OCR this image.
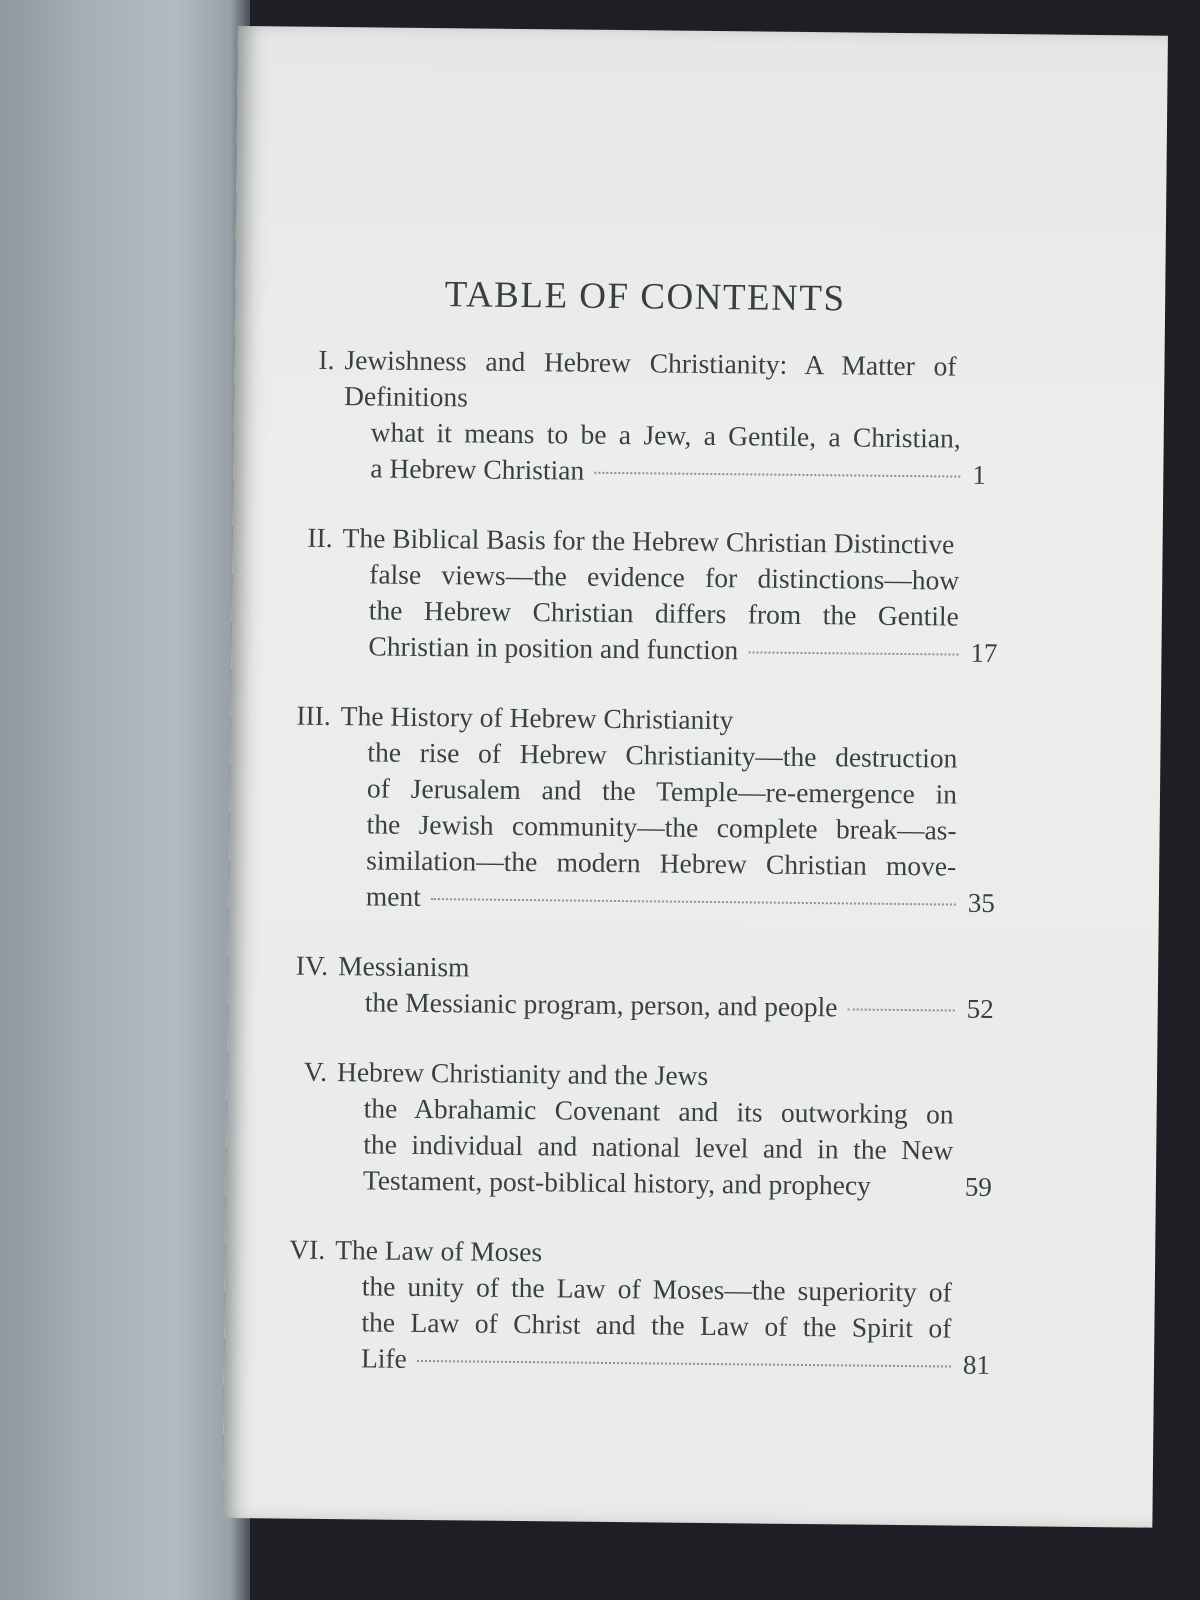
TABLE OF CONTENTS
I. Jewishness and Hebrew Christianity: A Matter of Definitions
what it means to be a Jew, a Gentile, a Christian,
a Hebrew Christian	1
II. The Biblical Basis for the Hebrew Christian Distinctive
false views—the evidence for distinctions—how
the Hebrew Christian differs from the Gentile
Christian in position and function	17
III. The History of Hebrew Christianity
the rise of Hebrew Christianity—the destruction
of Jerusalem and the Temple—re-emergence in
the Jewish community—the complete break—as-
similation—the modern Hebrew Christian move-
ment	35
IV. Messianism
the Messianic program, person, and people	52
V. Hebrew Christianity and the Jews
the Abrahamic Covenant and its outworking on
the individual and national level and in the New
Testament, post-biblical history, and prophecy	59
VI. The Law of Moses
the unity of the Law of Moses—the superiority of
the Law of Christ and the Law of the Spirit of
Life	81
